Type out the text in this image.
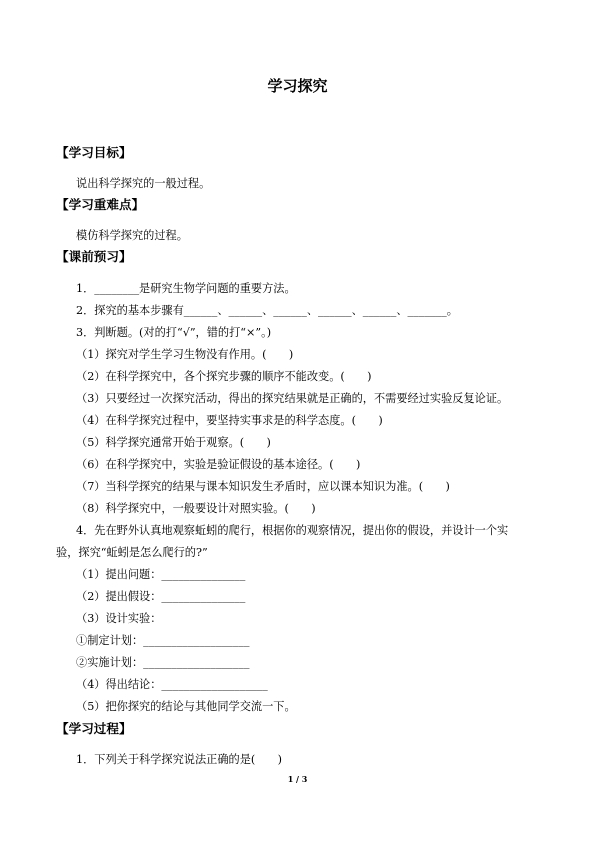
学习探究
【学习目标】
说出科学探究的一般过程。
【学习重难点】
模仿科学探究的过程。
【课前预习】
1．________是研究生物学问题的重要方法。
2．探究的基本步骤有______、______、______、______、______、_______。
3．判断题。(对的打“√”，错的打“×”。)
（1）探究对学生学习生物没有作用。(　　)
（2）在科学探究中，各个探究步骤的顺序不能改变。(　　)
（3）只要经过一次探究活动，得出的探究结果就是正确的，不需要经过实验反复论证。
（4）在科学探究过程中，要坚持实事求是的科学态度。(　　)
（5）科学探究通常开始于观察。(　　)
（6）在科学探究中，实验是验证假设的基本途径。(　　)
（7）当科学探究的结果与课本知识发生矛盾时，应以课本知识为准。(　　)
（8）科学探究中，一般要设计对照实验。(　　)
4．先在野外认真地观察蚯蚓的爬行，根据你的观察情况，提出你的假设，并设计一个实
验，探究“蚯蚓是怎么爬行的?”
（1）提出问题：_______________
（2）提出假设：_______________
（3）设计实验：
①制定计划：___________________
②实施计划：___________________
（4）得出结论：___________________
（5）把你探究的结论与其他同学交流一下。
【学习过程】
1．下列关于科学探究说法正确的是(　　)
1 / 3
